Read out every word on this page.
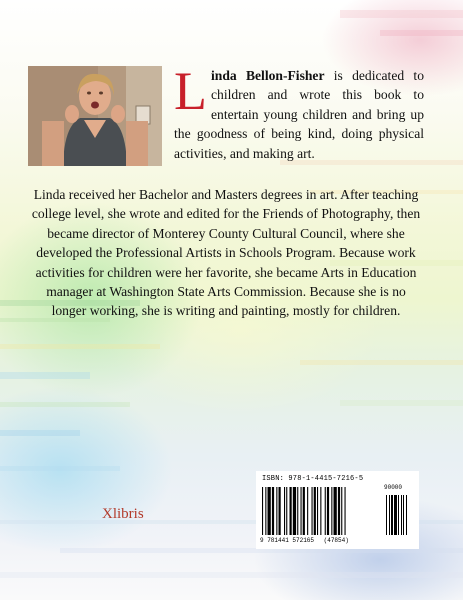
Linda Bellon-Fisher is dedicated to children and wrote this book to entertain young children and bring up the goodness of being kind, doing physical activities, and making art.

Linda received her Bachelor and Masters degrees in art. After teaching college level, she wrote and edited for the Friends of Photography, then became director of Monterey County Cultural Council, where she developed the Professional Artists in Schools Program. Because work activities for children were her favorite, she became Arts in Education manager at Washington State Arts Commission. Because she is no longer working, she is writing and painting, mostly for children.

Xlibris
ISBN: 978-1-4415-7216-5
90000
9 781441 572165 (47854)
